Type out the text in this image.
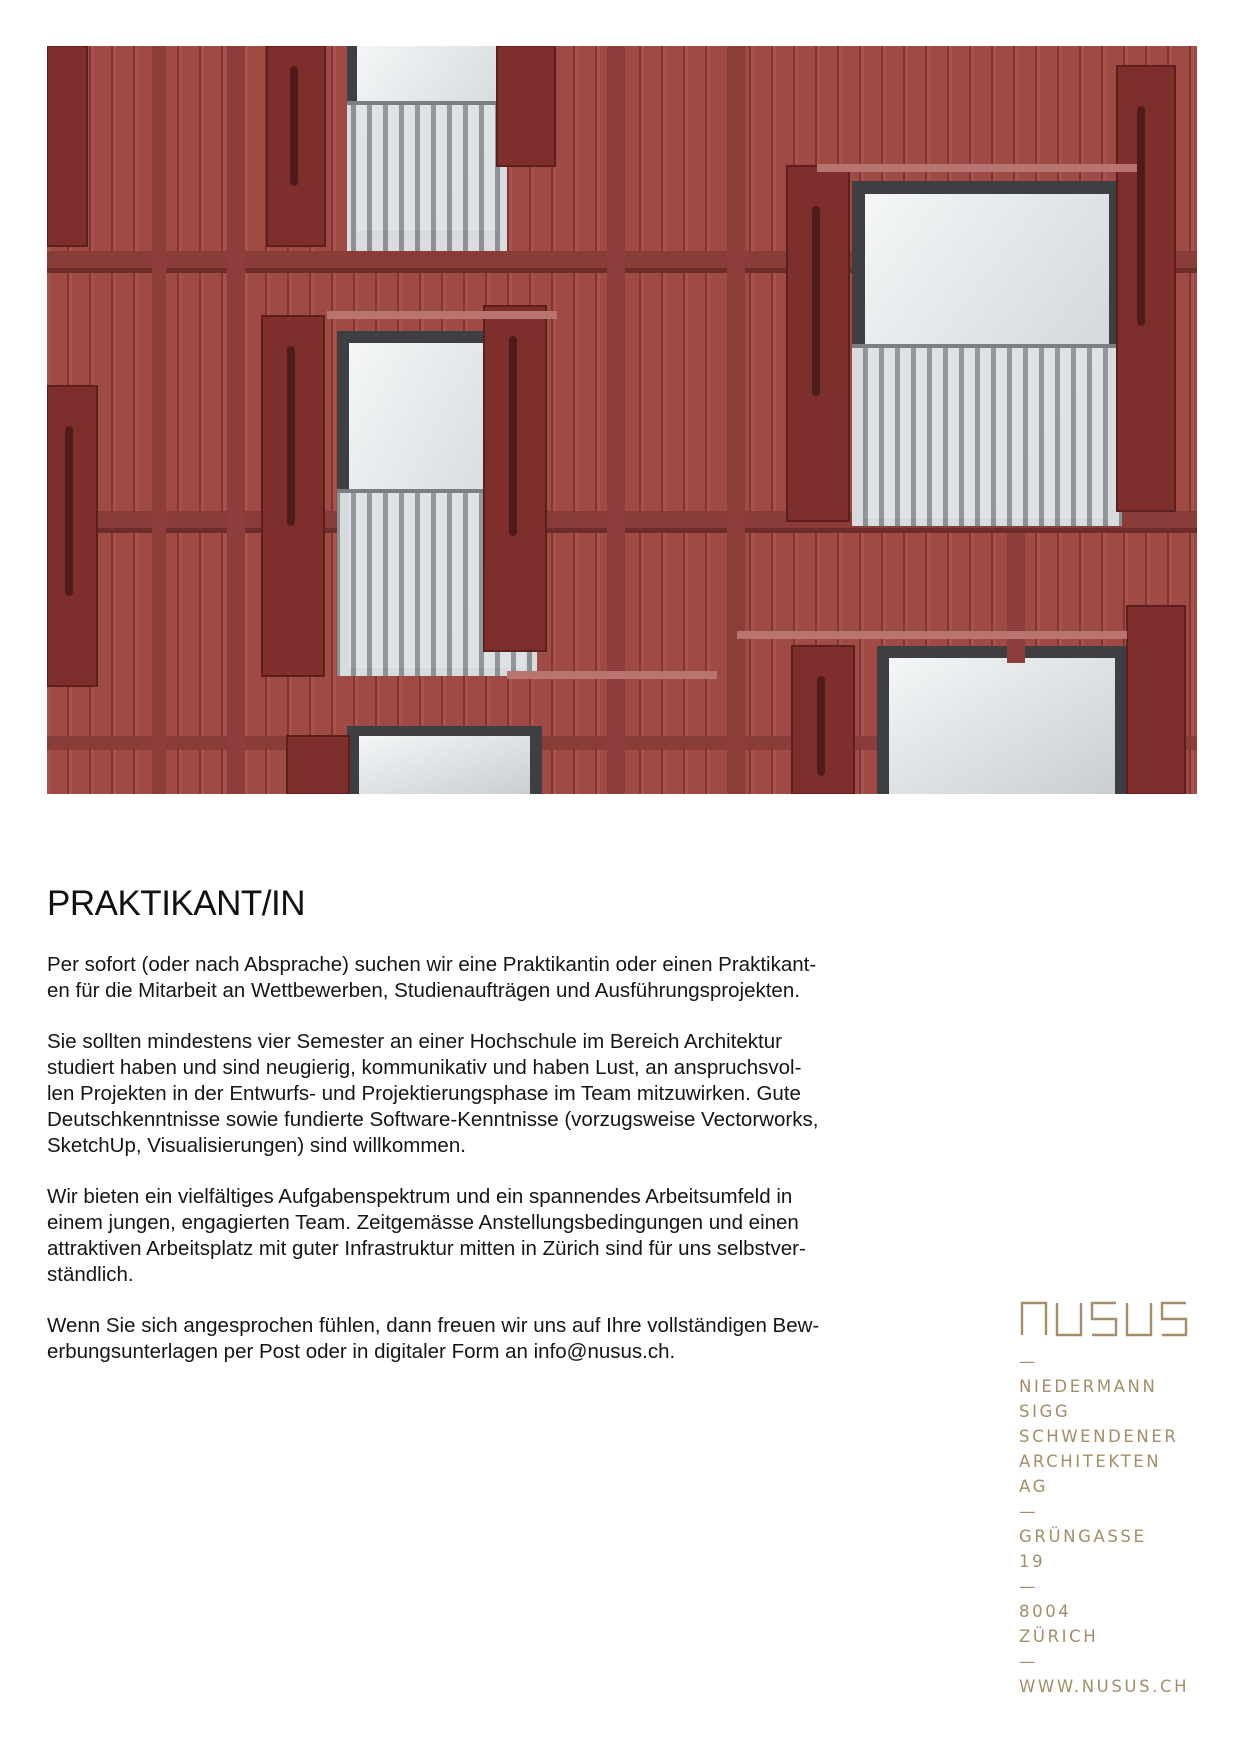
PRAKTIKANT/IN

Per sofort (oder nach Absprache) suchen wir eine Praktikantin oder einen Praktikant-
en für die Mitarbeit an Wettbewerben, Studienaufträgen und Ausführungsprojekten.

Sie sollten mindestens vier Semester an einer Hochschule im Bereich Architektur
studiert haben und sind neugierig, kommunikativ und haben Lust, an anspruchsvol-
len Projekten in der Entwurfs- und Projektierungsphase im Team mitzuwirken. Gute
Deutschkenntnisse sowie fundierte Software-Kenntnisse (vorzugsweise Vectorworks,
SketchUp, Visualisierungen) sind willkommen.

Wir bieten ein vielfältiges Aufgabenspektrum und ein spannendes Arbeitsumfeld in
einem jungen, engagierten Team. Zeitgemässe Anstellungsbedingungen und einen
attraktiven Arbeitsplatz mit guter Infrastruktur mitten in Zürich sind für uns selbstver-
ständlich.

Wenn Sie sich angesprochen fühlen, dann freuen wir uns auf Ihre vollständigen Bew-
erbungsunterlagen per Post oder in digitaler Form an info@nusus.ch.	—
NIEDERMANN
SIGG
SCHWENDENER
ARCHITEKTEN
AG
—
GRÜNGASSE
19
—
8004
ZÜRICH
—
WWW.NUSUS.CH
